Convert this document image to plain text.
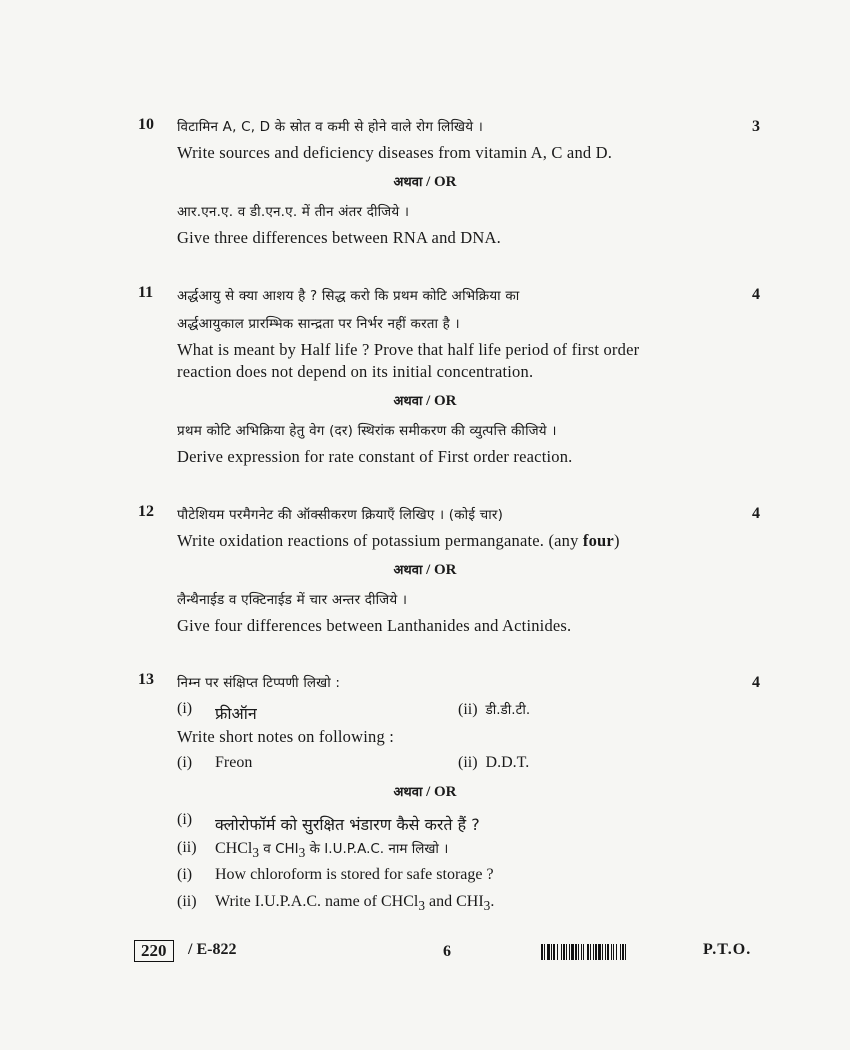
10	3
विटामिन A, C, D के स्रोत व कमी से होने वाले रोग लिखिये ।
Write sources and deficiency diseases from vitamin A, C and D.
अथवा / OR
आर.एन.ए. व डी.एन.ए. में तीन अंतर दीजिये ।
Give three differences between RNA and DNA.
11	4
अर्द्धआयु से क्या आशय है ? सिद्ध करो कि प्रथम कोटि अभिक्रिया का
अर्द्धआयुकाल प्रारम्भिक सान्द्रता पर निर्भर नहीं करता है ।
What is meant by Half life ? Prove that half life period of first order
reaction does not depend on its initial concentration.
अथवा / OR
प्रथम कोटि अभिक्रिया हेतु वेग (दर) स्थिरांक समीकरण की व्युत्पत्ति कीजिये ।
Derive expression for rate constant of First order reaction.
12	4
पौटेशियम परमैगनेट की ऑक्सीकरण क्रियाएँ लिखिए । (कोई चार)
Write oxidation reactions of potassium permanganate. (any four)
अथवा / OR
लैन्थैनाईड व एक्टिनाईड में चार अन्तर दीजिये ।
Give four differences between Lanthanides and Actinides.
13	4
निम्न पर संक्षिप्त टिप्पणी लिखो :
(i) फ्रीऑन	(ii) डी.डी.टी.
Write short notes on following :
(i) Freon	(ii) D.D.T.
अथवा / OR
(i) क्लोरोफॉर्म को सुरक्षित भंडारण कैसे करते हैं ?
(ii) CHCl$_3$ व $CHI_3$ के I.U.P.A.C. नाम लिखो ।
(i) How chloroform is stored for safe storage ?
(ii) Write I.U.P.A.C. name of CHCl$_3$ and $CHI_3$.
220	/ E-822	6	P.T.O.
